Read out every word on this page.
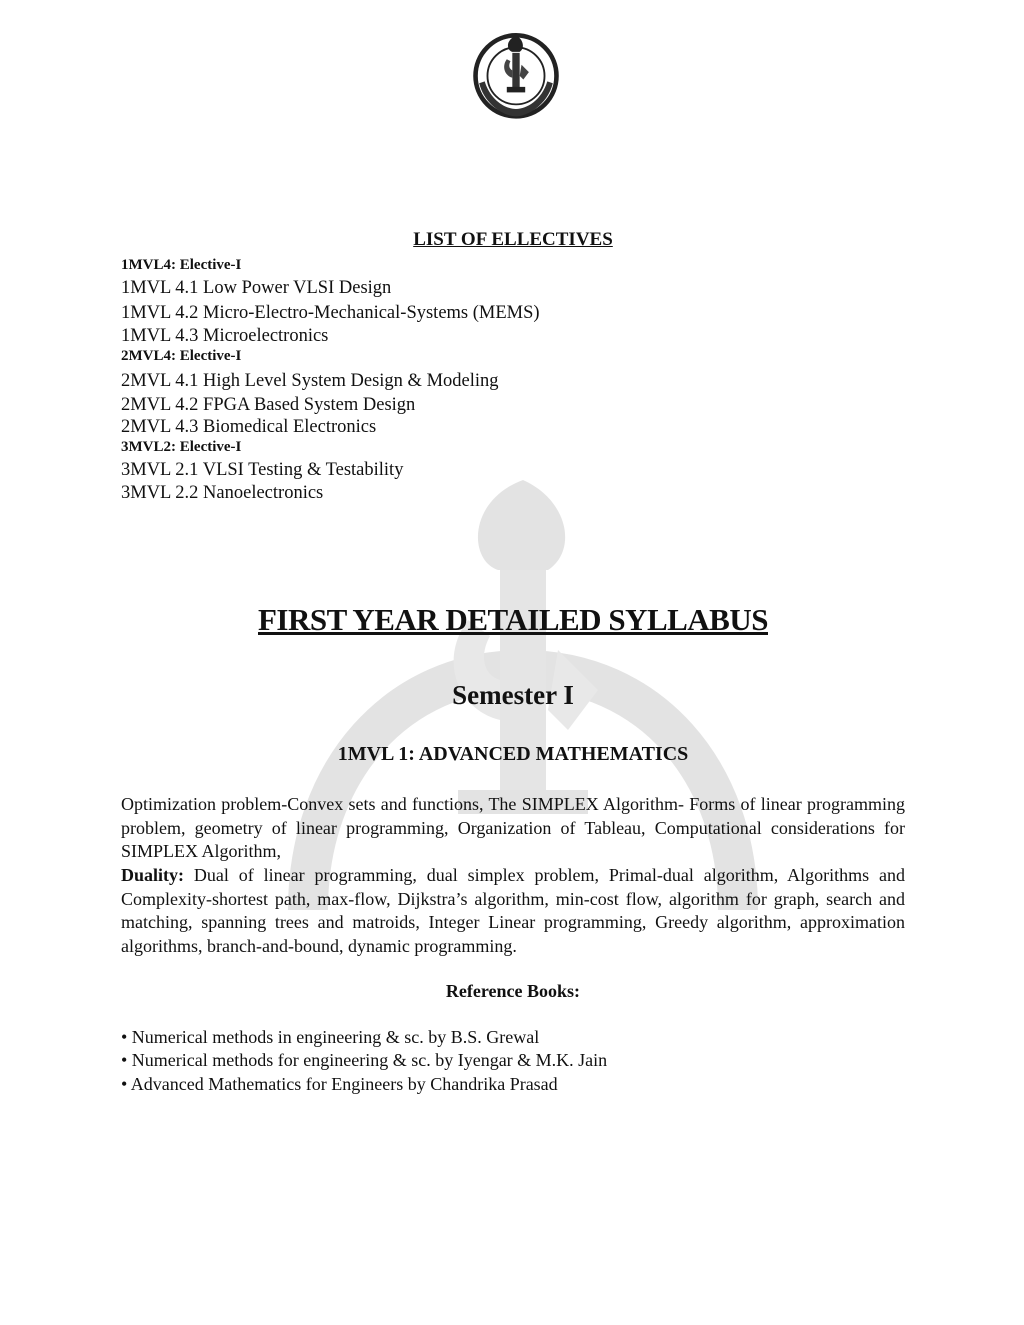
LIST OF ELLECTIVES
1MVL4: Elective-I
1MVL 4.1 Low Power VLSI Design
1MVL 4.2 Micro-Electro-Mechanical-Systems (MEMS)
1MVL 4.3 Microelectronics
2MVL4: Elective-I
2MVL 4.1 High Level System Design & Modeling
2MVL 4.2 FPGA Based System Design
2MVL 4.3 Biomedical Electronics
3MVL2: Elective-I
3MVL 2.1 VLSI Testing & Testability
3MVL 2.2 Nanoelectronics
FIRST YEAR DETAILED SYLLABUS
Semester I
1MVL 1: ADVANCED MATHEMATICS

Optimization problem-Convex sets and functions, The SIMPLEX Algorithm- Forms of linear programming problem, geometry of linear programming, Organization of Tableau, Computational considerations for SIMPLEX Algorithm,

Duality: Dual of linear programming, dual simplex problem, Primal-dual algorithm, Algorithms and Complexity-shortest path, max-flow, Dijkstra’s algorithm, min-cost flow, algorithm for graph, search and matching, spanning trees and matroids, Integer Linear programming, Greedy algorithm, approximation algorithms, branch-and-bound, dynamic programming.

Reference Books:
• Numerical methods in engineering & sc. by B.S. Grewal
• Numerical methods for engineering & sc. by Iyengar & M.K. Jain
• Advanced Mathematics for Engineers by Chandrika Prasad
